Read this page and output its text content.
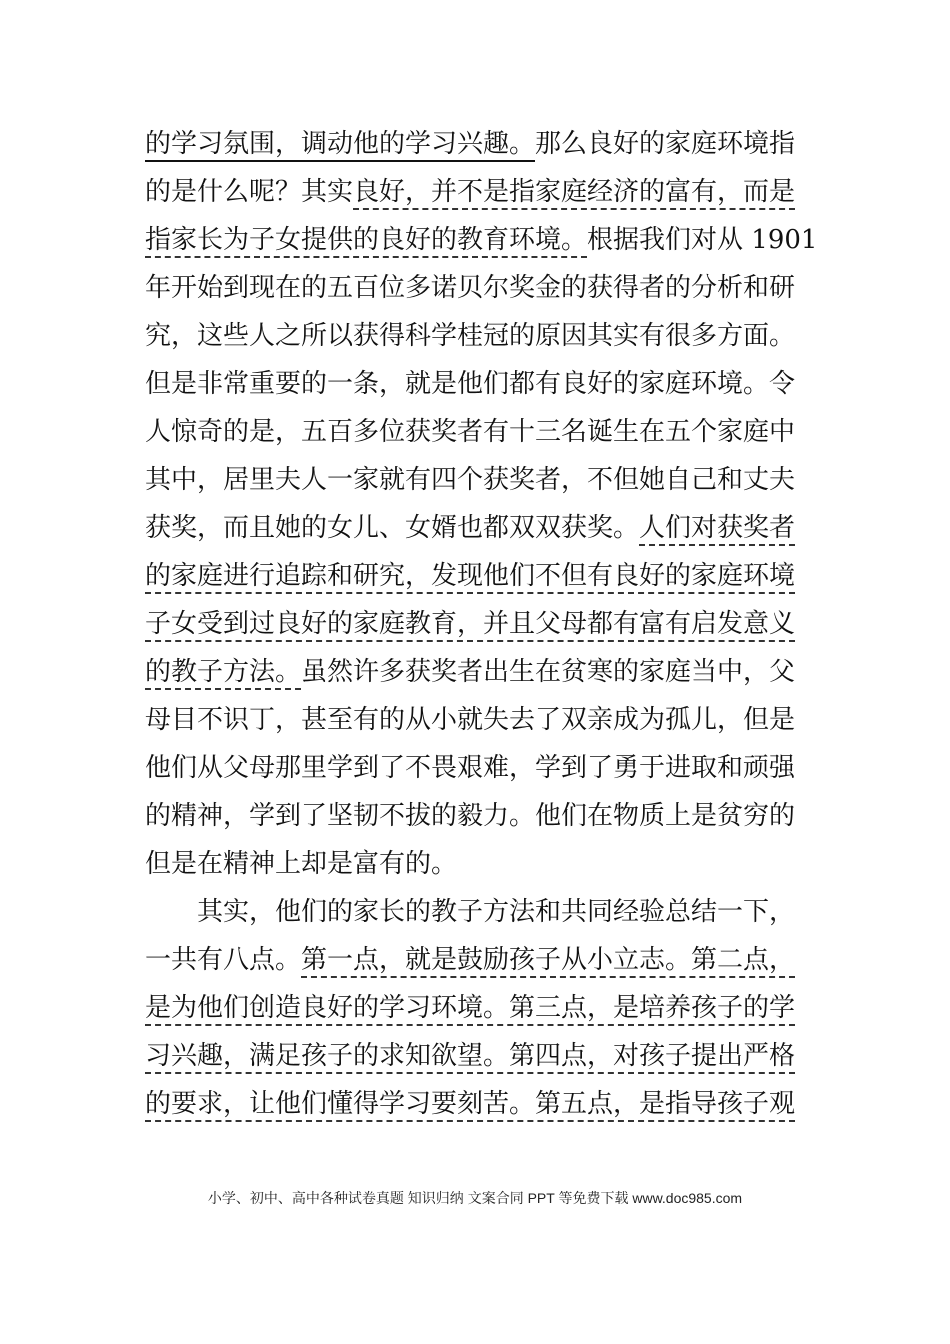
的学习氛围，调动他的学习兴趣。那么良好的家庭环境指
的是什么呢？其实良好，并不是指家庭经济的富有，而是
指家长为子女提供的良好的教育环境。根据我们对从 1901
年开始到现在的五百位多诺贝尔奖金的获得者的分析和研
究，这些人之所以获得科学桂冠的原因其实有很多方面。
但是非常重要的一条，就是他们都有良好的家庭环境。令
人惊奇的是，五百多位获奖者有十三名诞生在五个家庭中
其中，居里夫人一家就有四个获奖者，不但她自己和丈夫
获奖，而且她的女儿、女婿也都双双获奖。人们对获奖者
的家庭进行追踪和研究，发现他们不但有良好的家庭环境
子女受到过良好的家庭教育，并且父母都有富有启发意义
的教子方法。虽然许多获奖者出生在贫寒的家庭当中，父
母目不识丁，甚至有的从小就失去了双亲成为孤儿，但是
他们从父母那里学到了不畏艰难，学到了勇于进取和顽强
的精神，学到了坚韧不拔的毅力。他们在物质上是贫穷的
但是在精神上却是富有的。
其实，他们的家长的教子方法和共同经验总结一下，
一共有八点。第一点，就是鼓励孩子从小立志。第二点，
是为他们创造良好的学习环境。第三点，是培养孩子的学
习兴趣，满足孩子的求知欲望。第四点，对孩子提出严格
的要求，让他们懂得学习要刻苦。第五点，是指导孩子观
小学、初中、高中各种试卷真题 知识归纳 文案合同 PPT 等免费下载 www.doc985.com
